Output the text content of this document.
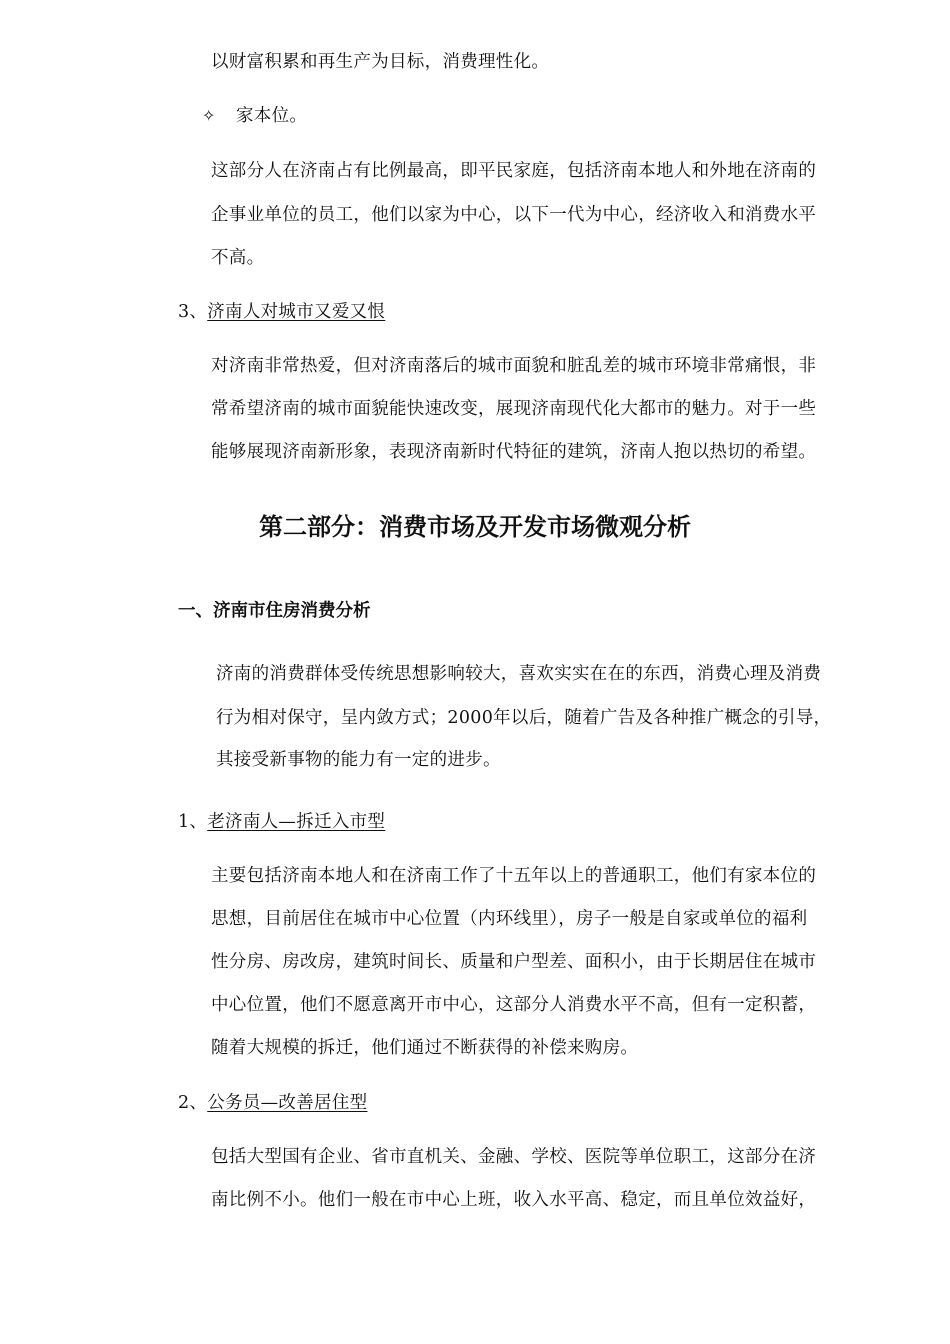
以财富积累和再生产为目标，消费理性化。
✧ 家本位。
这部分人在济南占有比例最高，即平民家庭，包括济南本地人和外地在济南的
企事业单位的员工，他们以家为中心，以下一代为中心，经济收入和消费水平
不高。
3、济南人对城市又爱又恨
对济南非常热爱，但对济南落后的城市面貌和脏乱差的城市环境非常痛恨，非
常希望济南的城市面貌能快速改变，展现济南现代化大都市的魅力。对于一些
能够展现济南新形象，表现济南新时代特征的建筑，济南人抱以热切的希望。
第二部分：消费市场及开发市场微观分析
一、济南市住房消费分析
济南的消费群体受传统思想影响较大，喜欢实实在在的东西，消费心理及消费
行为相对保守，呈内敛方式；2000年以后，随着广告及各种推广概念的引导，
其接受新事物的能力有一定的进步。
1、老济南人—拆迁入市型
主要包括济南本地人和在济南工作了十五年以上的普通职工，他们有家本位的
思想，目前居住在城市中心位置（内环线里），房子一般是自家或单位的福利
性分房、房改房，建筑时间长、质量和户型差、面积小，由于长期居住在城市
中心位置，他们不愿意离开市中心，这部分人消费水平不高，但有一定积蓄，
随着大规模的拆迁，他们通过不断获得的补偿来购房。
2、公务员—改善居住型
包括大型国有企业、省市直机关、金融、学校、医院等单位职工，这部分在济
南比例不小。他们一般在市中心上班，收入水平高、稳定，而且单位效益好，
